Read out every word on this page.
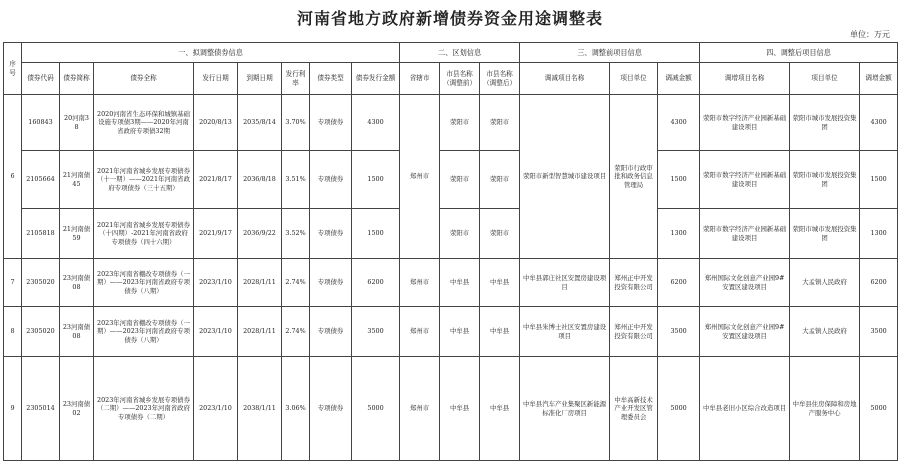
河南省地方政府新增债券资金用途调整表
单位：万元
序号	一、拟调整债券信息								二、区划信息			三、调整前项目信息			四、调整后项目信息		
	债券代码	债券简称	债券全称	发行日期	到期日期	发行利率	债券类型	债券发行金额	省辖市	市县名称（调整前）	市县名称（调整后）	调减项目名称	项目单位	调减金额	调增项目名称	项目单位	调增金额
6	160843	20河南38	2020河南省生态环保和城镇基础设施专项债3期——2020年河南省政府专项债32期	2020/8/13	2035/8/14	3.70%	专项债券	4300	郑州市	荥阳市	荥阳市	荥阳市新型智慧城市建设项目	荥阳市行政审批和政务信息管理局	4300	荥阳市数字经济产业园新基础建设项目	荥阳市城市发展投资集团	4300
	2105664	21河南债45	2021年河南省城乡发展专项债券（十一期）——2021年河南省政府专项债券（三十五期）	2021/8/17	2036/8/18	3.51%	专项债券	1500		荥阳市	荥阳市			1500	荥阳市数字经济产业园新基础建设项目	荥阳市城市发展投资集团	1500
	2105818	21河南债59	2021年河南省城乡发展专项债券（十四期）-2021年河南省政府专项债券（四十六期）	2021/9/17	2036/9/22	3.52%	专项债券	1500		荥阳市	荥阳市			1300	荥阳市数字经济产业园新基础建设项目	荥阳市城市发展投资集团	1300
7	2305020	23河南债08	2023年河南省棚改专项债券（一期）——2023年河南省政府专项债券（八期）	2023/1/10	2028/1/11	2.74%	专项债券	6200	郑州市	中牟县	中牟县	中牟县郭庄社区安置房建设项目	郑州正中开发投资有限公司	6200	郑州国际文化创意产业园9#安置区建设项目	大孟镇人民政府	6200
8	2305020	23河南债08	2023年河南省棚改专项债券（一期）——2023年河南省政府专项债券（八期）	2023/1/10	2028/1/11	2.74%	专项债券	3500	郑州市	中牟县	中牟县	中牟县朱博士社区安置房建设项目	郑州正中开发投资有限公司	3500	郑州国际文化创意产业园9#安置区建设项目	大孟镇人民政府	3500
9	2305014	23河南债02	2023年河南省城乡发展专项债券（二期）——2023年河南省政府专项债券（二期）	2023/1/10	2038/1/11	3.06%	专项债券	5000	郑州市	中牟县	中牟县	中牟县汽车产业集聚区新能源标准化厂房项目	中牟高新技术产业开发区管理委员会	5000	中牟县老旧小区综合改造项目	中牟县住房保障和房地产服务中心	5000
